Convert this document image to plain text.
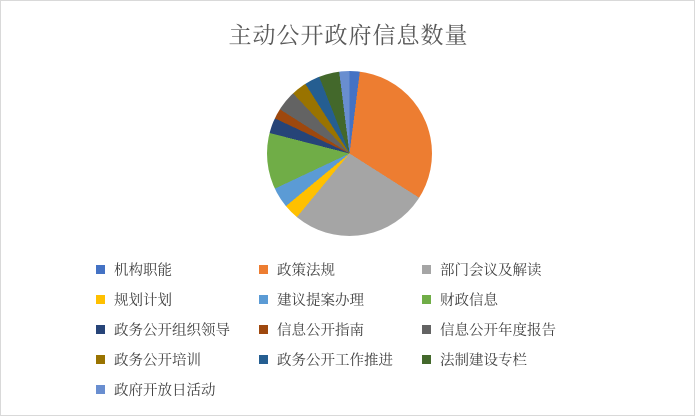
主动公开政府信息数量
机构职能	政策法规	部门会议及解读
规划计划	建议提案办理	财政信息
政务公开组织领导	信息公开指南	信息公开年度报告
政务公开培训	政务公开工作推进	法制建设专栏
政府开放日活动
